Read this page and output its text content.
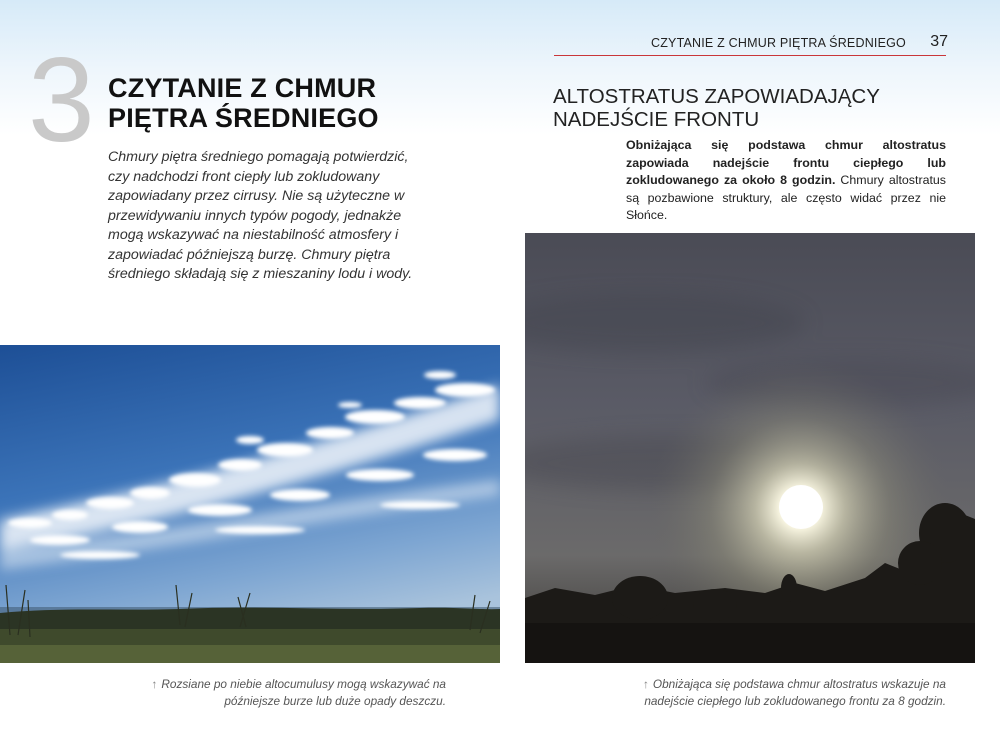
CZYTANIE Z CHMUR PIĘTRA ŚREDNIEGO	37
3 CZYTANIE Z CHMUR
PIĘTRA ŚREDNIEGO
Chmury piętra średniego pomagają potwierdzić, czy nadchodzi front ciepły lub zokludowany zapowiadany przez cirrusy. Nie są użyteczne w przewidywaniu innych typów pogody, jednakże mogą wskazywać na niestabilność atmosfery i zapowiadać późniejszą burzę. Chmury piętra średniego składają się z mieszaniny lodu i wody.
ALTOSTRATUS ZAPOWIADAJĄCY
NADEJŚCIE FRONTU
Obniżająca się podstawa chmur altostratus zapowiada nadejście frontu ciepłego lub zokludowanego za około 8 godzin. Chmury altostratus są pozbawione struktury, ale często widać przez nie Słońce.
↑ Rozsiane po niebie altocumulusy mogą wskazywać na późniejsze burze lub duże opady deszczu.
↑ Obniżająca się podstawa chmur altostratus wskazuje na nadejście ciepłego lub zokludowanego frontu za 8 godzin.
